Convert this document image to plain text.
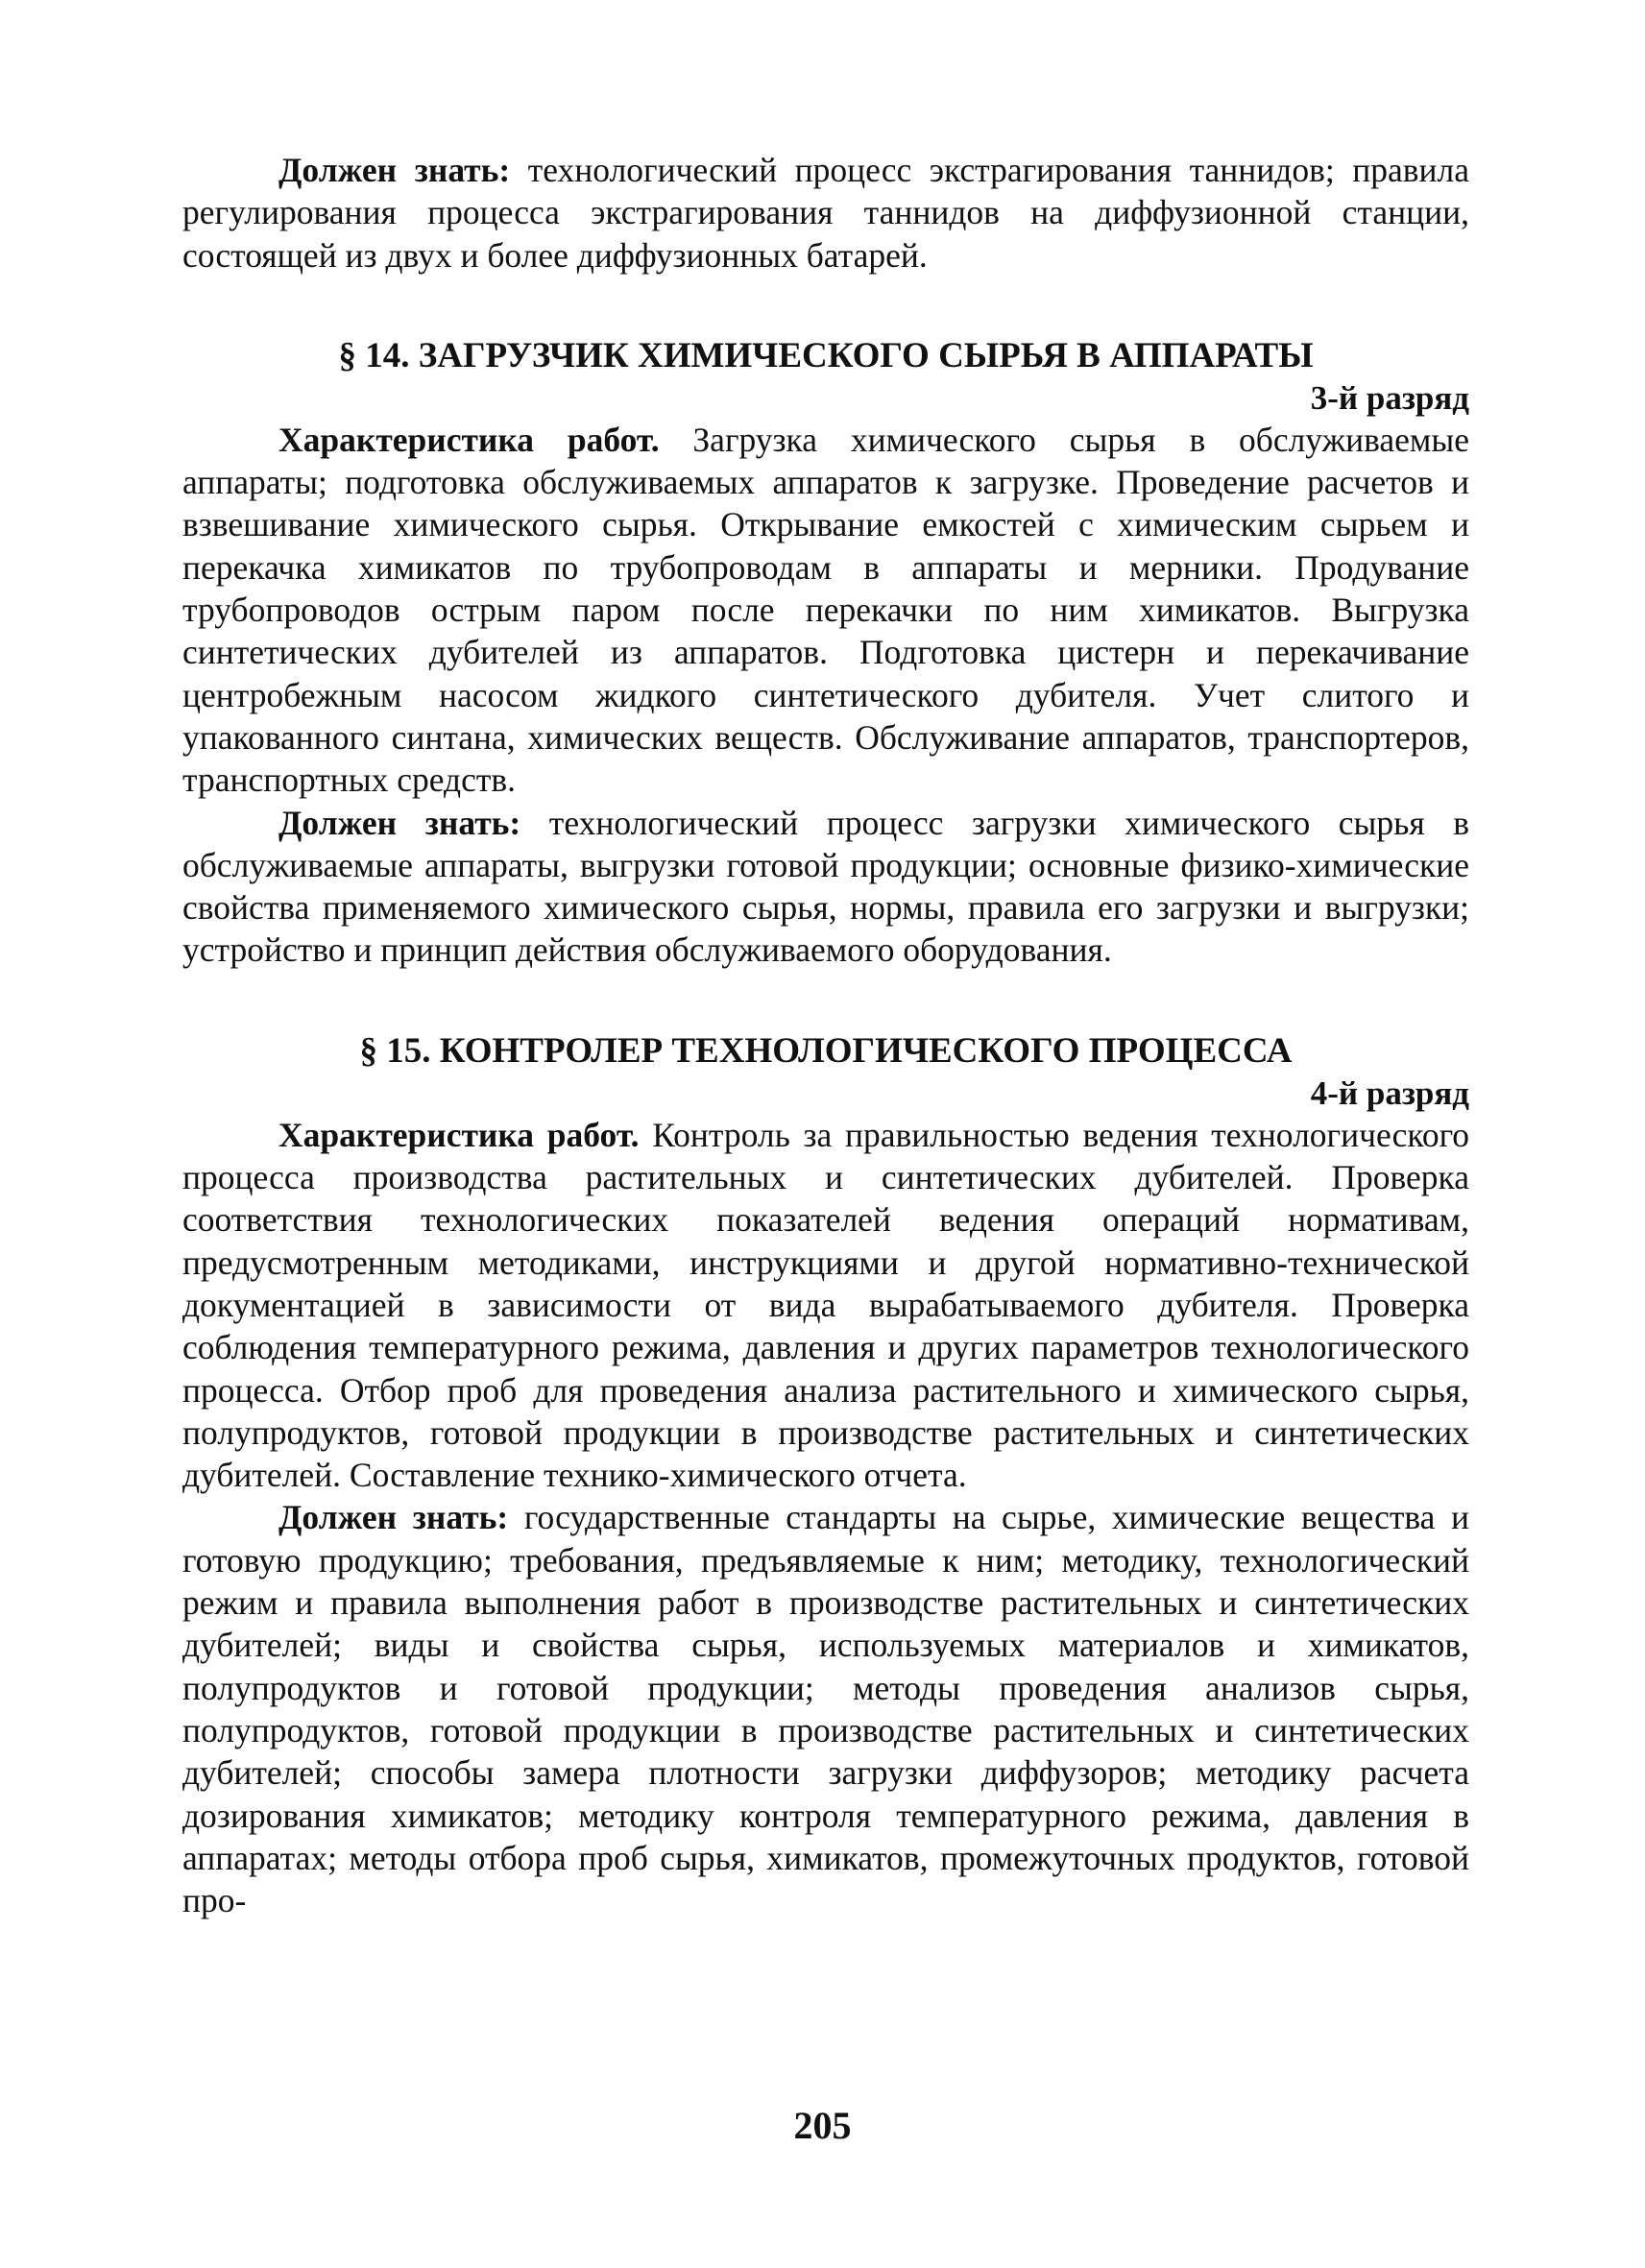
Должен знать: технологический процесс экстрагирования таннидов; правила регулирования процесса экстрагирования таннидов на диффузионной станции, состоящей из двух и более диффузионных батарей.

§ 14. ЗАГРУЗЧИК ХИМИЧЕСКОГО СЫРЬЯ В АППАРАТЫ
3-й разряд

Характеристика работ. Загрузка химического сырья в обслуживаемые аппараты; подготовка обслуживаемых аппаратов к загрузке. Проведение расчетов и взвешивание химического сырья. Открывание емкостей с химическим сырьем и перекачка химикатов по трубопроводам в аппараты и мерники. Продувание трубопроводов острым паром после перекачки по ним химикатов. Выгрузка синтетических дубителей из аппаратов. Подготовка цистерн и перекачивание центробежным насосом жидкого синтетического дубителя. Учет слитого и упакованного синтана, химических веществ. Обслуживание аппаратов, транспортеров, транспортных средств.

Должен знать: технологический процесс загрузки химического сырья в обслуживаемые аппараты, выгрузки готовой продукции; основные физико-химические свойства применяемого химического сырья, нормы, правила его загрузки и выгрузки; устройство и принцип действия обслуживаемого оборудования.

§ 15. КОНТРОЛЕР ТЕХНОЛОГИЧЕСКОГО ПРОЦЕССА
4-й разряд

Характеристика работ. Контроль за правильностью ведения технологического процесса производства растительных и синтетических дубителей. Проверка соответствия технологических показателей ведения операций нормативам, предусмотренным методиками, инструкциями и другой нормативно-технической документацией в зависимости от вида вырабатываемого дубителя. Проверка соблюдения температурного режима, давления и других параметров технологического процесса. Отбор проб для проведения анализа растительного и химического сырья, полупродуктов, готовой продукции в производстве растительных и синтетических дубителей. Составление технико-химического отчета.

Должен знать: государственные стандарты на сырье, химические вещества и готовую продукцию; требования, предъявляемые к ним; методику, технологический режим и правила выполнения работ в производстве растительных и синтетических дубителей; виды и свойства сырья, используемых материалов и химикатов, полупродуктов и готовой продукции; методы проведения анализов сырья, полупродуктов, готовой продукции в производстве растительных и синтетических дубителей; способы замера плотности загрузки диффузоров; методику расчета дозирования химикатов; методику контроля температурного режима, давления в аппаратах; методы отбора проб сырья, химикатов, промежуточных продуктов, готовой про-

205
